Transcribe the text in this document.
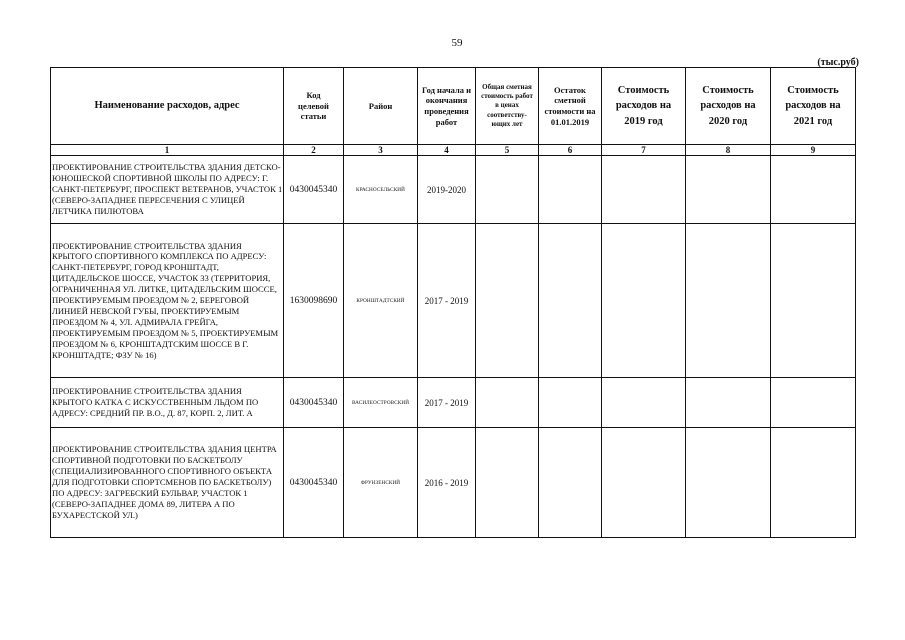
59
(тыс.руб)
Наименование расходов, адрес	Код целевой статьи	Район	Год начала и окончания проведения работ	Общая сметная стоимость работ в ценах соответству-ющих лет	Остаток сметной стоимости на 01.01.2019	Стоимость расходов на 2019 год	Стоимость расходов на 2020 год	Стоимость расходов на 2021 год
1	2	3	4	5	6	7	8	9
ПРОЕКТИРОВАНИЕ СТРОИТЕЛЬСТВА ЗДАНИЯ ДЕТСКО-ЮНОШЕСКОЙ СПОРТИВНОЙ ШКОЛЫ ПО АДРЕСУ: Г. САНКТ-ПЕТЕРБУРГ, ПРОСПЕКТ ВЕТЕРАНОВ, УЧАСТОК 1 (СЕВЕРО-ЗАПАДНЕЕ ПЕРЕСЕЧЕНИЯ С УЛИЦЕЙ ЛЕТЧИКА ПИЛЮТОВА	0430045340	КРАСНОСЕЛЬСКИЙ	2019-2020					
ПРОЕКТИРОВАНИЕ СТРОИТЕЛЬСТВА ЗДАНИЯ КРЫТОГО СПОРТИВНОГО КОМПЛЕКСА ПО АДРЕСУ: САНКТ-ПЕТЕРБУРГ, ГОРОД КРОНШТАДТ, ЦИТАДЕЛЬСКОЕ ШОССЕ, УЧАСТОК 33 (ТЕРРИТОРИЯ, ОГРАНИЧЕННАЯ УЛ. ЛИТКЕ, ЦИТАДЕЛЬСКИМ ШОССЕ, ПРОЕКТИРУЕМЫМ ПРОЕЗДОМ № 2, БЕРЕГОВОЙ ЛИНИЕЙ НЕВСКОЙ ГУБЫ, ПРОЕКТИРУЕМЫМ ПРОЕЗДОМ № 4, УЛ. АДМИРАЛА ГРЕЙГА, ПРОЕКТИРУЕМЫМ ПРОЕЗДОМ № 5, ПРОЕКТИРУЕМЫМ ПРОЕЗДОМ № 6, КРОНШТАДТСКИМ ШОССЕ В Г. КРОНШТАДТЕ; ФЗУ № 16)	1630098690	КРОНШТАДТСКИЙ	2017 - 2019					
ПРОЕКТИРОВАНИЕ СТРОИТЕЛЬСТВА ЗДАНИЯ КРЫТОГО КАТКА С ИСКУССТВЕННЫМ ЛЬДОМ ПО АДРЕСУ: СРЕДНИЙ ПР. В.О., Д. 87, КОРП. 2, ЛИТ. А	0430045340	ВАСИЛЕОСТРОВСКИЙ	2017 - 2019					
ПРОЕКТИРОВАНИЕ СТРОИТЕЛЬСТВА ЗДАНИЯ ЦЕНТРА СПОРТИВНОЙ ПОДГОТОВКИ ПО БАСКЕТБОЛУ (СПЕЦИАЛИЗИРОВАННОГО СПОРТИВНОГО ОБЪЕКТА ДЛЯ ПОДГОТОВКИ СПОРТСМЕНОВ ПО БАСКЕТБОЛУ) ПО АДРЕСУ: ЗАГРЕБСКИЙ БУЛЬВАР, УЧАСТОК 1 (СЕВЕРО-ЗАПАДНЕЕ ДОМА 89, ЛИТЕРА А ПО БУХАРЕСТСКОЙ УЛ.)	0430045340	ФРУНЗЕНСКИЙ	2016 - 2019					
